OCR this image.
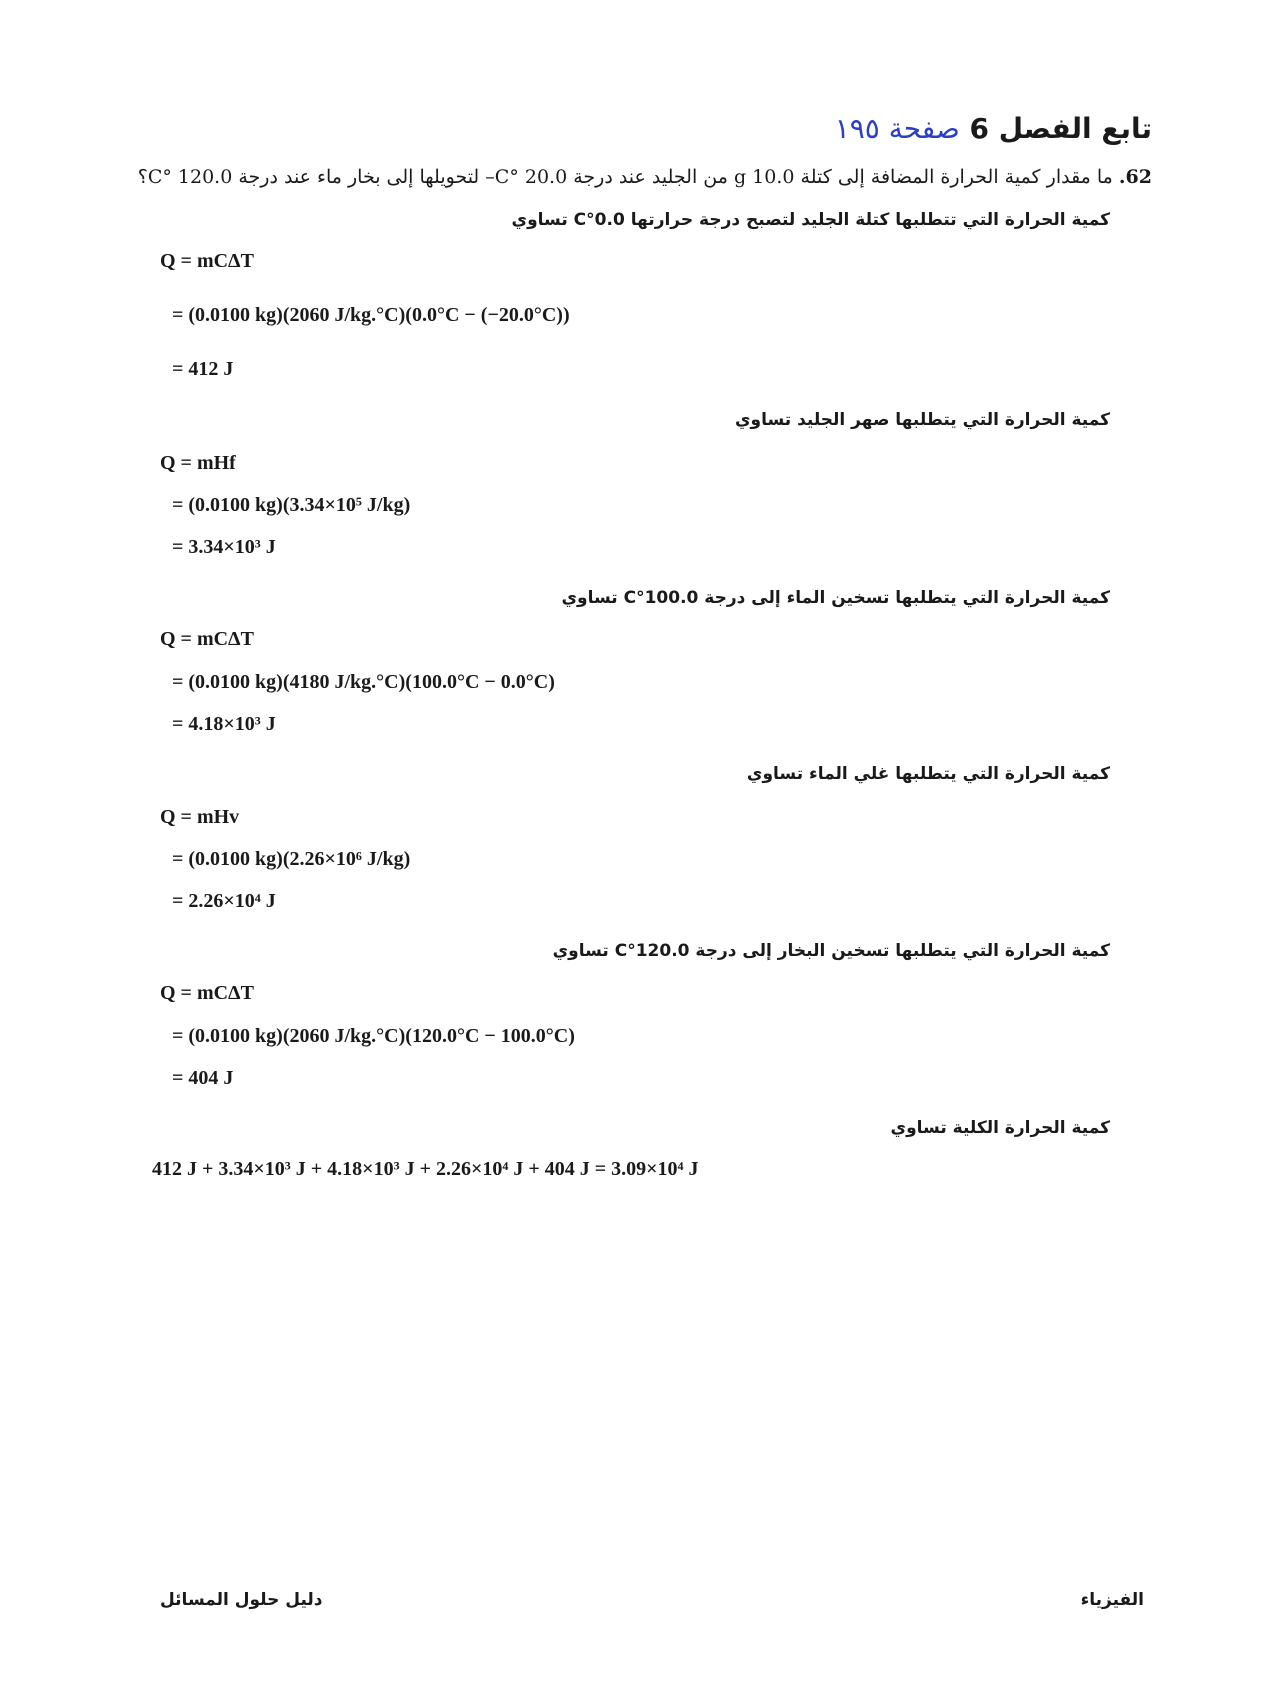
تابع الفصل 6 صفحة ١٩٥
62. ما مقدار كمية الحرارة المضافة إلى كتلة 10.0 g من الجليد عند درجة 20.0 °C– لتحويلها إلى بخار ماء عند درجة 120.0 °C؟
كمية الحرارة التي تتطلبها كتلة الجليد لتصبح درجة حرارتها 0.0°C تساوي
Q = mCΔT
= (0.0100 kg)(2060 J/kg.°C)(0.0°C − (−20.0°C))
= 412 J
كمية الحرارة التي يتطلبها صهر الجليد تساوي
Q = mHf
= (0.0100 kg)(3.34×10⁵ J/kg)
= 3.34×10³ J
كمية الحرارة التي يتطلبها تسخين الماء إلى درجة 100.0°C تساوي
Q = mCΔT
= (0.0100 kg)(4180 J/kg.°C)(100.0°C − 0.0°C)
= 4.18×10³ J
كمية الحرارة التي يتطلبها غلي الماء تساوي
Q = mHv
= (0.0100 kg)(2.26×10⁶ J/kg)
= 2.26×10⁴ J
كمية الحرارة التي يتطلبها تسخين البخار إلى درجة 120.0°C تساوي
Q = mCΔT
= (0.0100 kg)(2060 J/kg.°C)(120.0°C − 100.0°C)
= 404 J
كمية الحرارة الكلية تساوي
412 J + 3.34×10³ J + 4.18×10³ J + 2.26×10⁴ J + 404 J = 3.09×10⁴ J
الفيزياء
دليل حلول المسائل
